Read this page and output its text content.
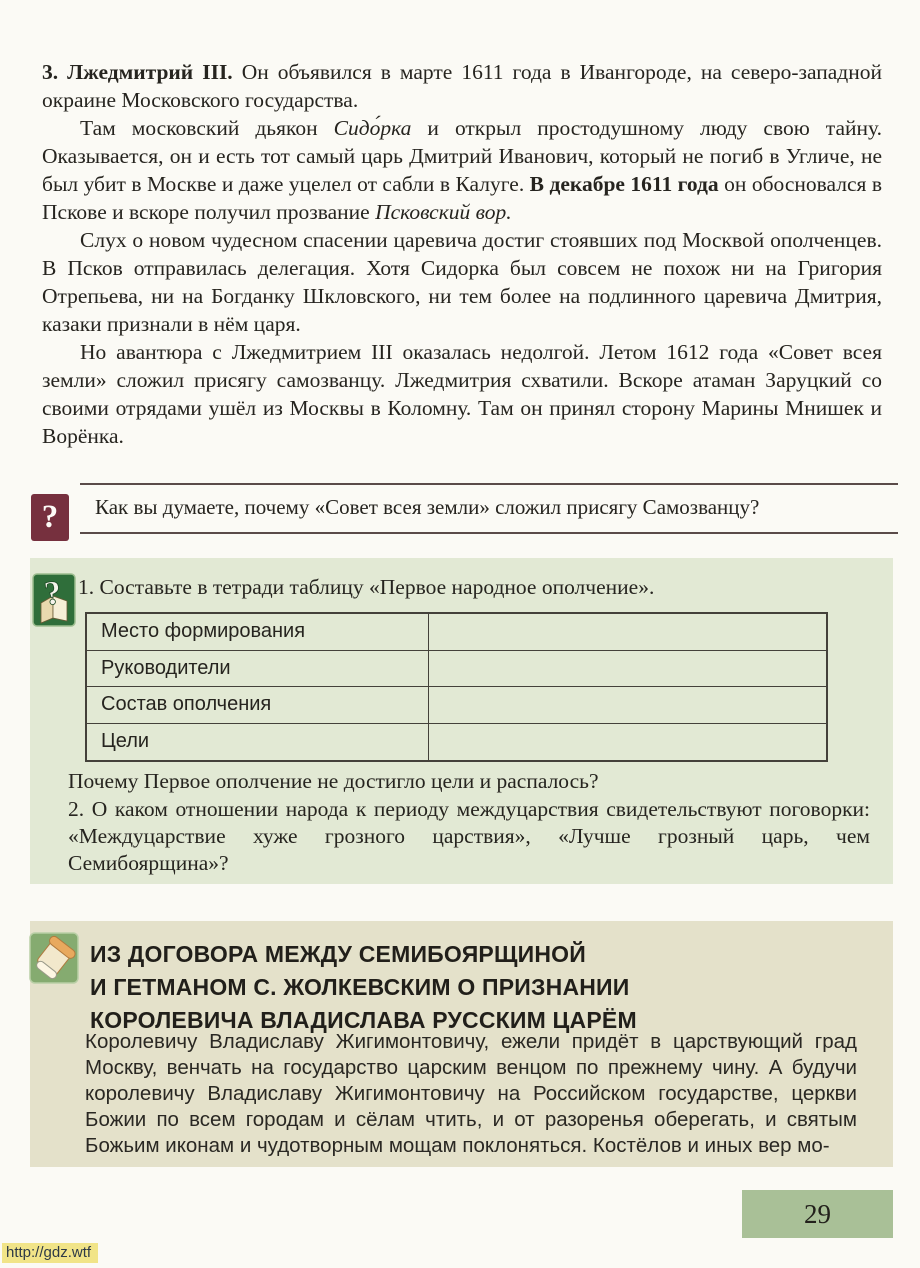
3. Лжедмитрий III. Он объявился в марте 1611 года в Ивангороде, на северо-западной окраине Московского государства.

Там московский дьякон Сидо́рка и открыл простодушному люду свою тайну. Оказывается, он и есть тот самый царь Дмитрий Иванович, который не погиб в Угличе, не был убит в Москве и даже уцелел от сабли в Калуге. В декабре 1611 года он обосновался в Пскове и вскоре получил прозвание Псковский вор.

Слух о новом чудесном спасении царевича достиг стоявших под Москвой ополченцев. В Псков отправилась делегация. Хотя Сидорка был совсем не похож ни на Григория Отрепьева, ни на Богданку Шкловского, ни тем более на подлинного царевича Дмитрия, казаки признали в нём царя.

Но авантюра с Лжедмитрием III оказалась недолгой. Летом 1612 года «Совет всея земли» сложил присягу самозванцу. Лжедмитрия схватили. Вскоре атаман Заруцкий со своими отрядами ушёл из Москвы в Коломну. Там он принял сторону Марины Мнишек и Ворёнка.

?	Как вы думаете, почему «Совет всея земли» сложил присягу Самозванцу?
? 1. Составьте в тетради таблицу «Первое народное ополчение».
Место формирования
Руководители
Состав ополчения
Цели
Почему Первое ополчение не достигло цели и распалось?
2. О каком отношении народа к периоду междуцарствия свидетельствуют поговорки: «Междуцарствие хуже грозного царствия», «Лучше грозный царь, чем Семибоярщина»?
ИЗ ДОГОВОРА МЕЖДУ СЕМИБОЯРЩИНОЙ
И ГЕТМАНОМ С. ЖОЛКЕВСКИМ О ПРИЗНАНИИ
КОРОЛЕВИЧА ВЛАДИСЛАВА РУССКИМ ЦАРЁМ
Королевичу Владиславу Жигимонтовичу, ежели придёт в царствующий град Москву, венчать на государство царским венцом по прежнему чину. А будучи королевичу Владиславу Жигимонтовичу на Российском государстве, церкви Божии по всем городам и сёлам чтить, и от разоренья оберегать, и святым Божьим иконам и чудотворным мощам поклоняться. Костёлов и иных вер мо-
29
http://gdz.wtf
